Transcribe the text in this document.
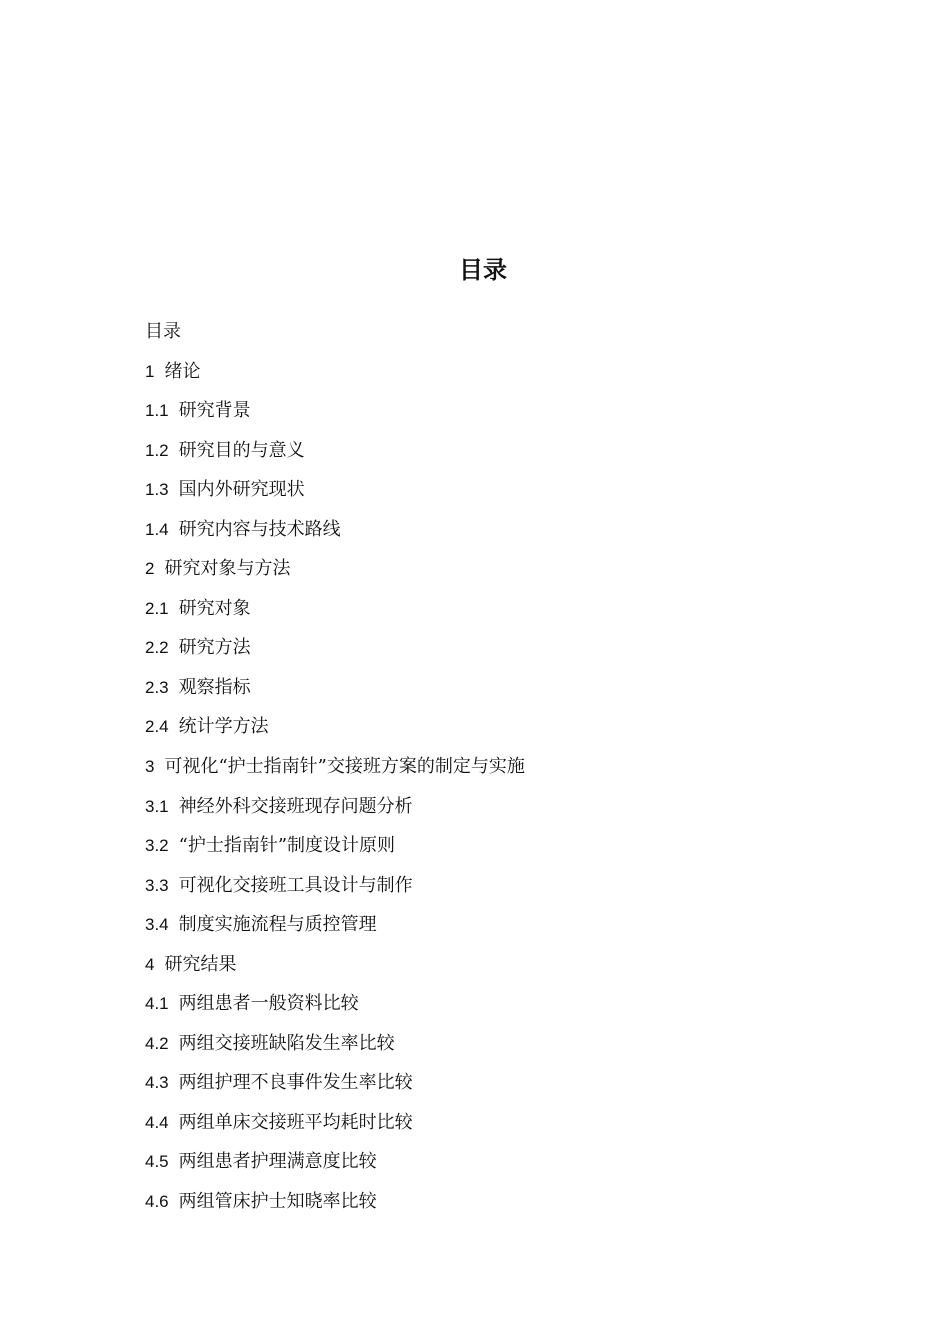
目录
目录
1 绪论
1.1 研究背景
1.2 研究目的与意义
1.3 国内外研究现状
1.4 研究内容与技术路线
2 研究对象与方法
2.1 研究对象
2.2 研究方法
2.3 观察指标
2.4 统计学方法
3 可视化“护士指南针”交接班方案的制定与实施
3.1 神经外科交接班现存问题分析
3.2 “护士指南针”制度设计原则
3.3 可视化交接班工具设计与制作
3.4 制度实施流程与质控管理
4 研究结果
4.1 两组患者一般资料比较
4.2 两组交接班缺陷发生率比较
4.3 两组护理不良事件发生率比较
4.4 两组单床交接班平均耗时比较
4.5 两组患者护理满意度比较
4.6 两组管床护士知晓率比较
